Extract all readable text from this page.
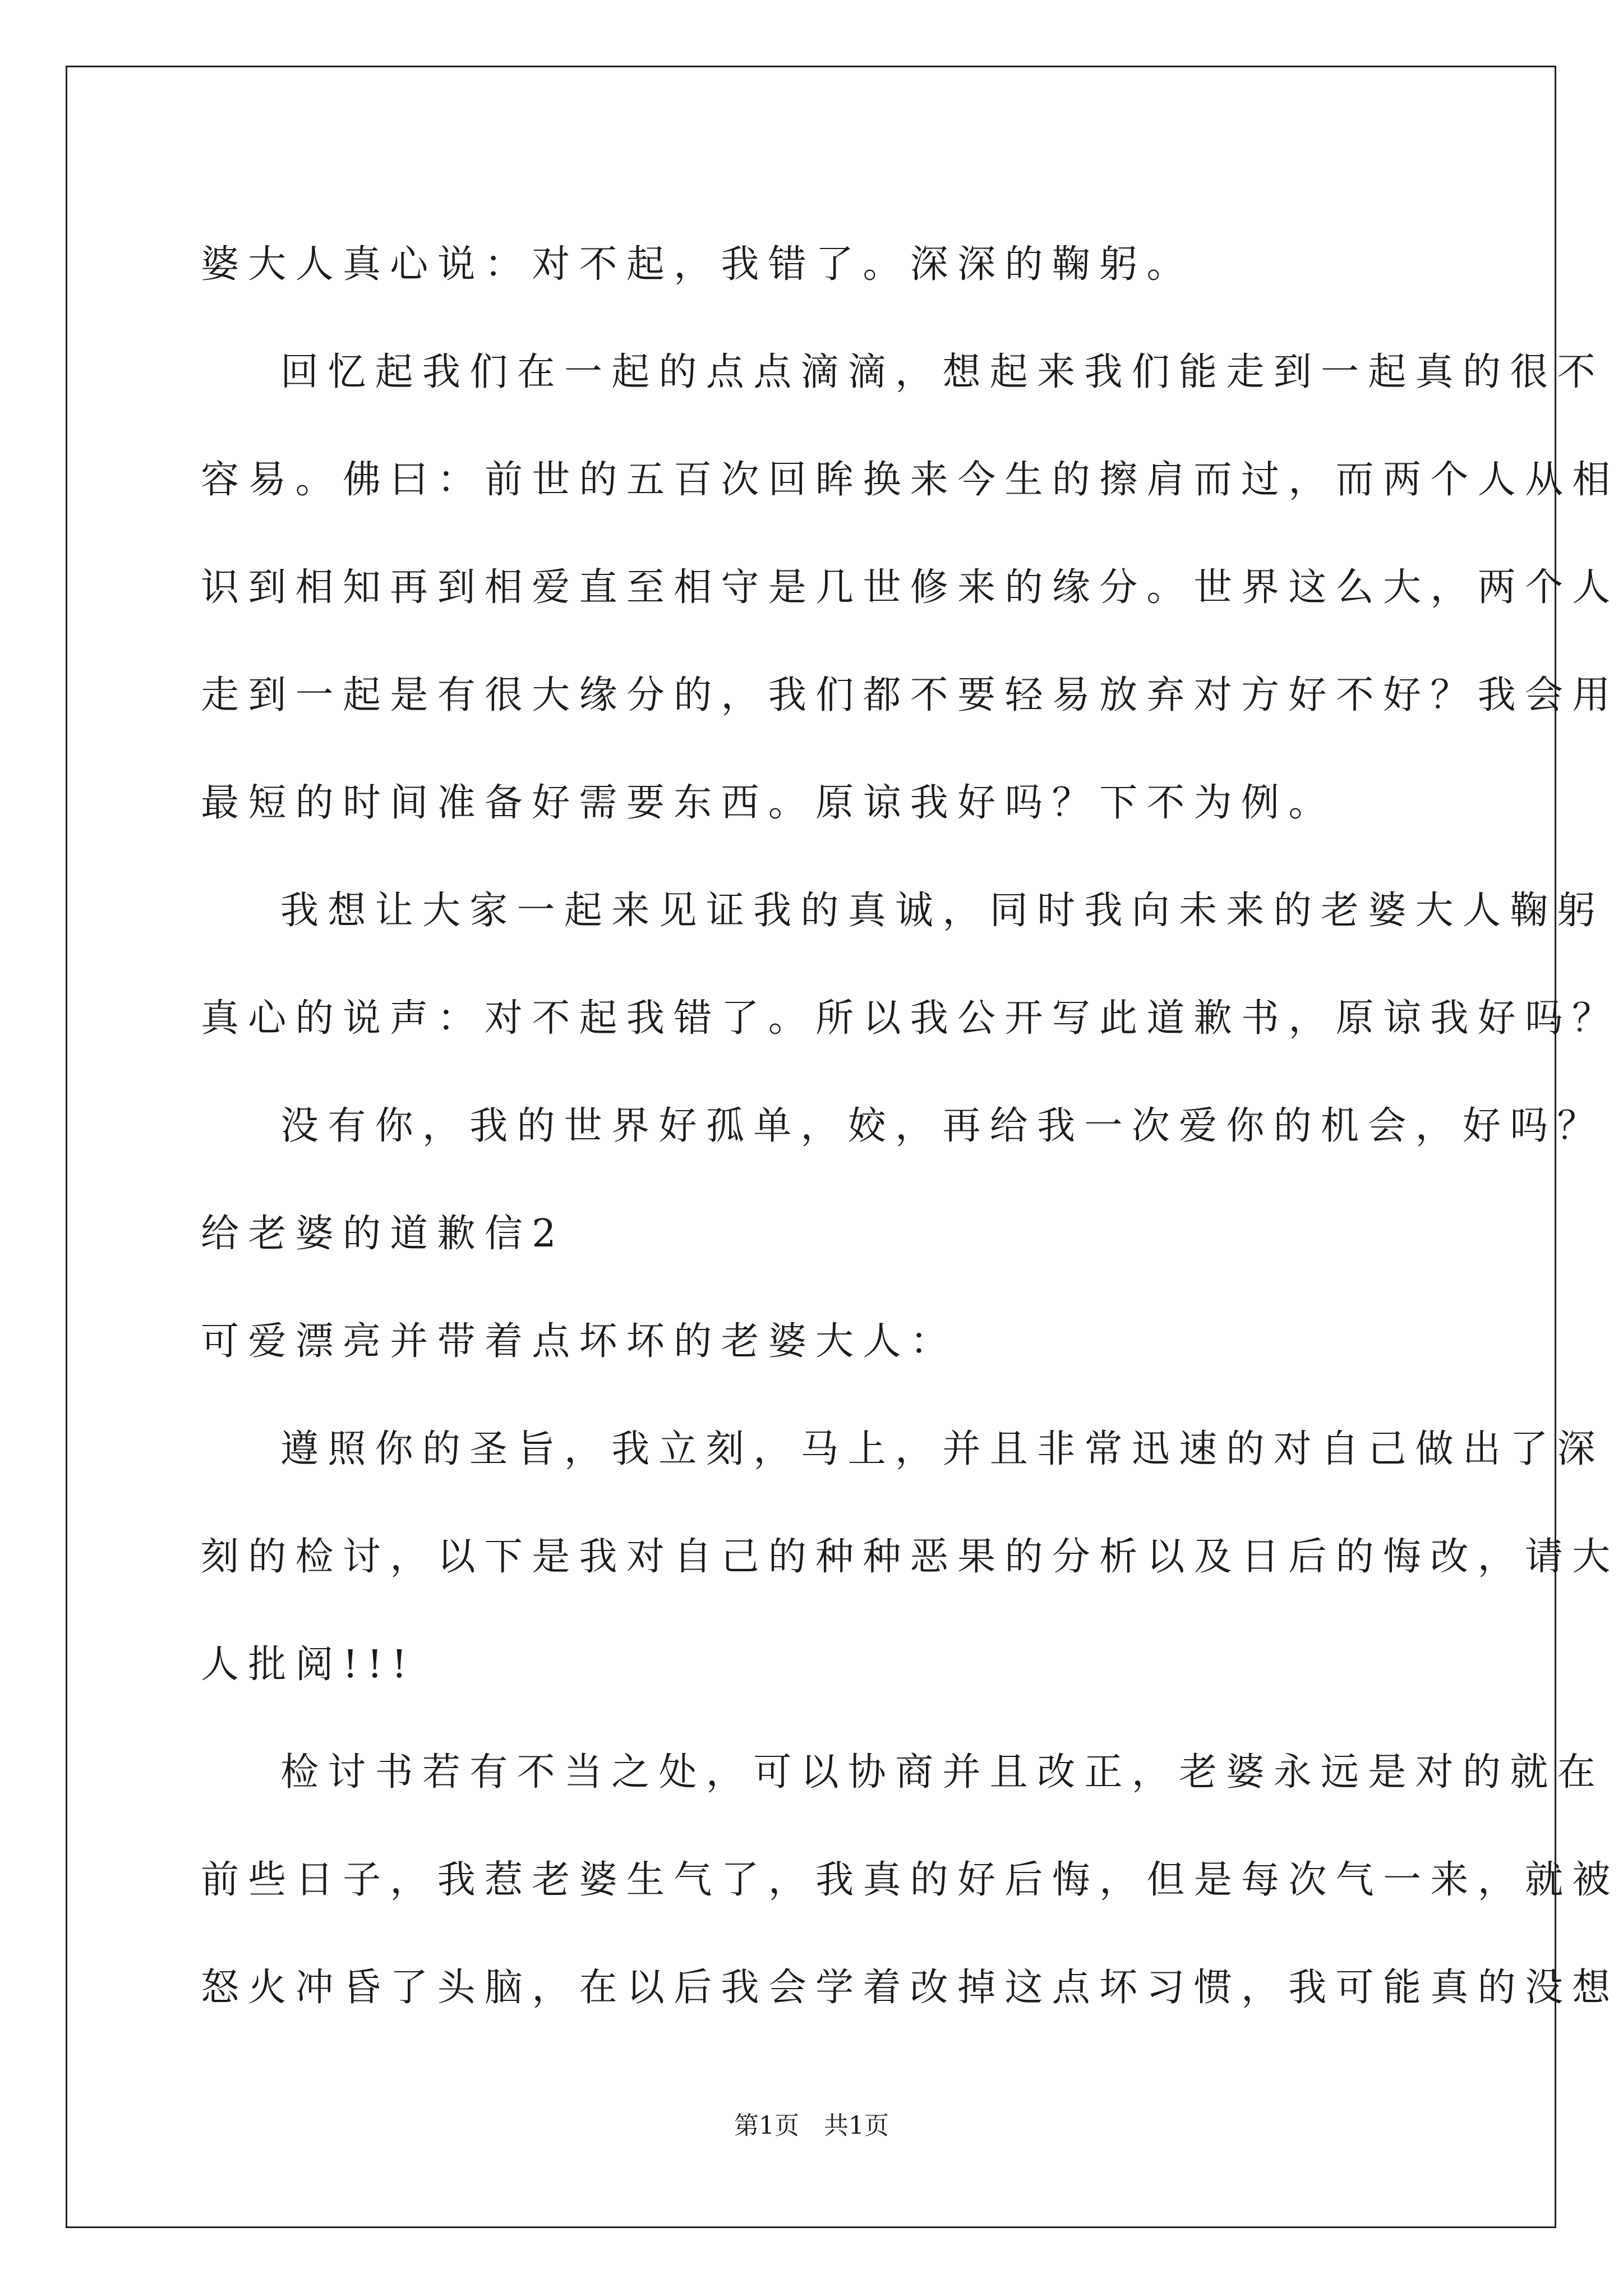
婆大人真心说：对不起，我错了。深深的鞠躬。
回忆起我们在一起的点点滴滴，想起来我们能走到一起真的很不
容易。佛曰：前世的五百次回眸换来今生的擦肩而过，而两个人从相
识到相知再到相爱直至相守是几世修来的缘分。世界这么大，两个人
走到一起是有很大缘分的，我们都不要轻易放弃对方好不好？我会用
最短的时间准备好需要东西。原谅我好吗？下不为例。
我想让大家一起来见证我的真诚，同时我向未来的老婆大人鞠躬
真心的说声：对不起我错了。所以我公开写此道歉书，原谅我好吗？
没有你，我的世界好孤单，姣，再给我一次爱你的机会，好吗？
给老婆的道歉信2
可爱漂亮并带着点坏坏的老婆大人：
遵照你的圣旨，我立刻，马上，并且非常迅速的对自己做出了深
刻的检讨，以下是我对自己的种种恶果的分析以及日后的悔改，请大
人批阅!!!
检讨书若有不当之处，可以协商并且改正，老婆永远是对的就在
前些日子，我惹老婆生气了，我真的好后悔，但是每次气一来，就被
怒火冲昏了头脑，在以后我会学着改掉这点坏习惯，我可能真的没想
第1页　共1页
